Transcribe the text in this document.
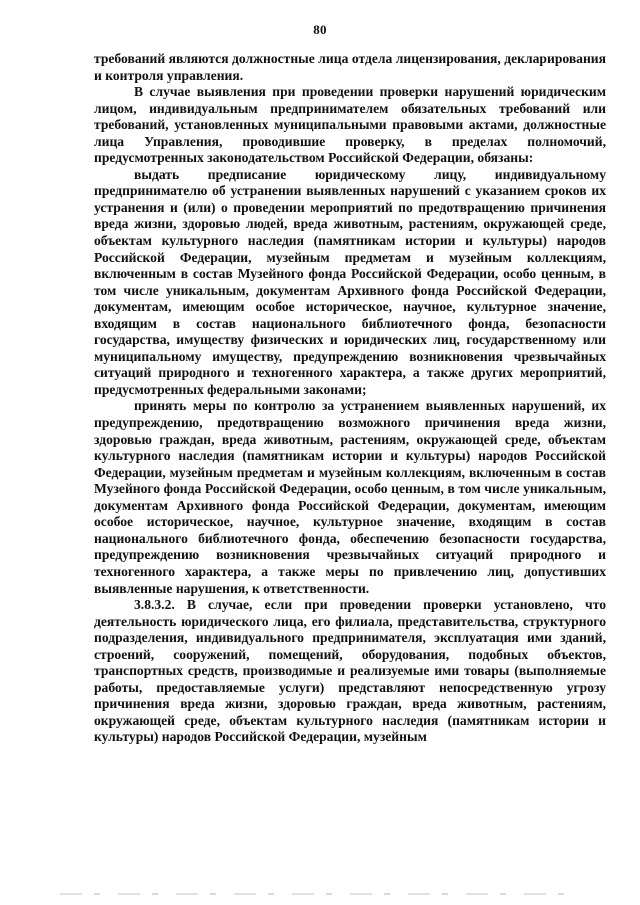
80

требований являются должностные лица отдела лицензирования, декларирования и контроля управления.

В случае выявления при проведении проверки нарушений юридическим лицом, индивидуальным предпринимателем обязательных требований или требований, установленных муниципальными правовыми актами, должностные лица Управления, проводившие проверку, в пределах полномочий, предусмотренных законодательством Российской Федерации, обязаны:

выдать предписание юридическому лицу, индивидуальному предпринимателю об устранении выявленных нарушений с указанием сроков их устранения и (или) о проведении мероприятий по предотвращению причинения вреда жизни, здоровью людей, вреда животным, растениям, окружающей среде, объектам культурного наследия (памятникам истории и культуры) народов Российской Федерации, музейным предметам и музейным коллекциям, включенным в состав Музейного фонда Российской Федерации, особо ценным, в том числе уникальным, документам Архивного фонда Российской Федерации, документам, имеющим особое историческое, научное, культурное значение, входящим в состав национального библиотечного фонда, безопасности государства, имуществу физических и юридических лиц, государственному или муниципальному имуществу, предупреждению возникновения чрезвычайных ситуаций природного и техногенного характера, а также других мероприятий, предусмотренных федеральными законами;

принять меры по контролю за устранением выявленных нарушений, их предупреждению, предотвращению возможного причинения вреда жизни, здоровью граждан, вреда животным, растениям, окружающей среде, объектам культурного наследия (памятникам истории и культуры) народов Российской Федерации, музейным предметам и музейным коллекциям, включенным в состав Музейного фонда Российской Федерации, особо ценным, в том числе уникальным, документам Архивного фонда Российской Федерации, документам, имеющим особое историческое, научное, культурное значение, входящим в состав национального библиотечного фонда, обеспечению безопасности государства, предупреждению возникновения чрезвычайных ситуаций природного и техногенного характера, а также меры по привлечению лиц, допустивших выявленные нарушения, к ответственности.

3.8.3.2. В случае, если при проведении проверки установлено, что деятельность юридического лица, его филиала, представительства, структурного подразделения, индивидуального предпринимателя, эксплуатация ими зданий, строений, сооружений, помещений, оборудования, подобных объектов, транспортных средств, производимые и реализуемые ими товары (выполняемые работы, предоставляемые услуги) представляют непосредственную угрозу причинения вреда жизни, здоровью граждан, вреда животным, растениям, окружающей среде, объектам культурного наследия (памятникам истории и культуры) народов Российской Федерации, музейным
